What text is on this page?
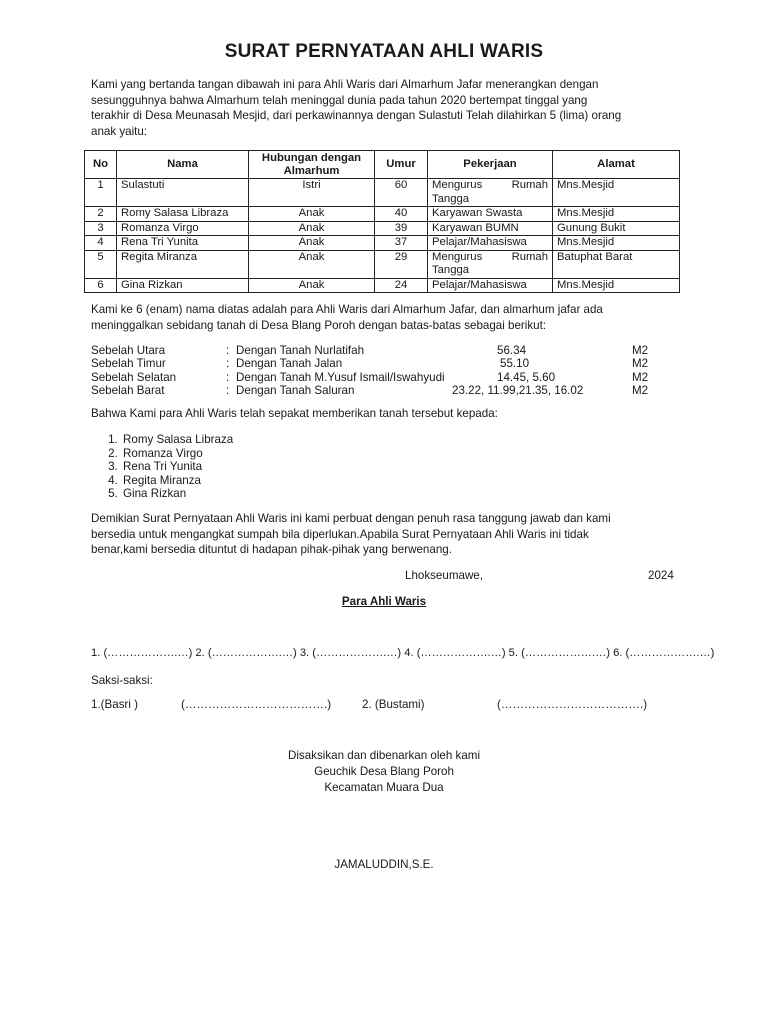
SURAT PERNYATAAN AHLI WARIS
Kami yang bertanda tangan dibawah ini para Ahli Waris dari Almarhum Jafar menerangkan dengan
sesungguhnya bahwa Almarhum telah meninggal dunia pada tahun 2020 bertempat tinggal yang
terakhir di Desa Meunasah Mesjid, dari perkawinannya dengan Sulastuti Telah dilahirkan 5 (lima) orang
anak yaitu:
No	Nama	Hubungan dengan Almarhum	Umur	Pekerjaan	Alamat
1	Sulastuti	Istri	60	Mengurus Rumah
Tangga	Mns.Mesjid
2	Romy Salasa Libraza	Anak	40	Karyawan Swasta	Mns.Mesjid
3	Romanza Virgo	Anak	39	Karyawan BUMN	Gunung Bukit
4	Rena Tri Yunita	Anak	37	Pelajar/Mahasiswa	Mns.Mesjid
5	Regita Miranza	Anak	29	Mengurus Rumah
Tangga	Batuphat Barat
6	Gina Rizkan	Anak	24	Pelajar/Mahasiswa	Mns.Mesjid
Kami ke 6 (enam) nama diatas adalah para Ahli Waris dari Almarhum Jafar, dan almarhum jafar ada
meninggalkan sebidang tanah di Desa Blang Poroh dengan batas-batas sebagai berikut:
Sebelah Utara	: Dengan Tanah Nurlatifah	56.34	M2
Sebelah Timur	: Dengan Tanah Jalan	55.10	M2
Sebelah Selatan	: Dengan Tanah M.Yusuf Ismail/Iswahyudi	14.45, 5.60	M2
Sebelah Barat	: Dengan Tanah Saluran	23.22, 11.99,21.35, 16.02	M2
Bahwa Kami para Ahli Waris telah sepakat memberikan tanah tersebut kepada:
1. Romy Salasa Libraza
2. Romanza Virgo
3. Rena Tri Yunita
4. Regita Miranza
5. Gina Rizkan
Demikian Surat Pernyataan Ahli Waris ini kami perbuat dengan penuh rasa tanggung jawab dan kami
bersedia untuk mengangkat sumpah bila diperlukan.Apabila Surat Pernyataan Ahli Waris ini tidak
benar,kami bersedia dituntut di hadapan pihak-pihak yang berwenang.
Lhokseumawe,	2024
Para Ahli Waris
1. (……………….…) 2. (……………….…) 3. (……………….…) 4. (……………….…) 5. (……………….…) 6. (……………….…)
Saksi-saksi:
1.(Basri )	(……………………………….)	2. (Bustami)	(……………………………….)
Disaksikan dan dibenarkan oleh kami
Geuchik Desa Blang Poroh
Kecamatan Muara Dua
JAMALUDDIN,S.E.
